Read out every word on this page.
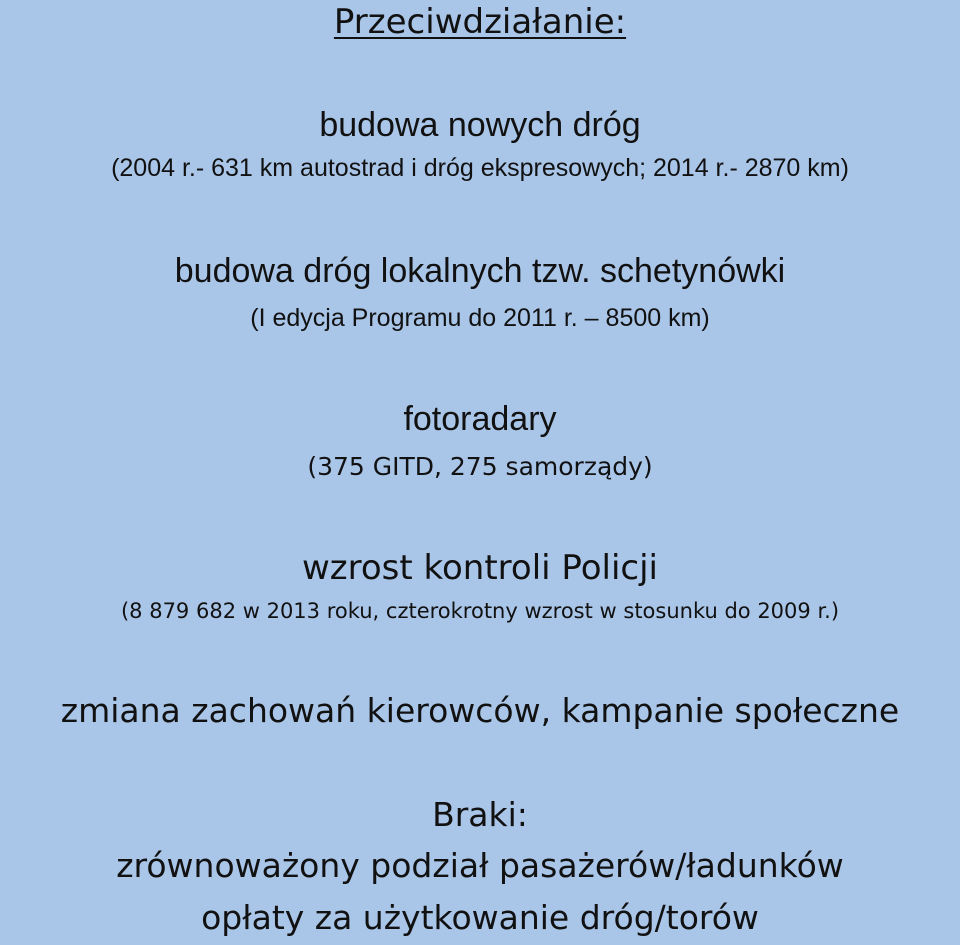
Przeciwdziałanie:
budowa nowych dróg
(2004 r.- 631 km autostrad i dróg ekspresowych; 2014 r.- 2870 km)
budowa dróg lokalnych tzw. schetynówki
(I edycja Programu do 2011 r. – 8500 km)
fotoradary
(375 GITD, 275 samorządy)
wzrost kontroli Policji
(8 879 682 w 2013 roku, czterokrotny wzrost w stosunku do 2009 r.)
zmiana zachowań kierowców, kampanie społeczne
Braki:
zrównoważony podział pasażerów/ładunków
opłaty za użytkowanie dróg/torów
